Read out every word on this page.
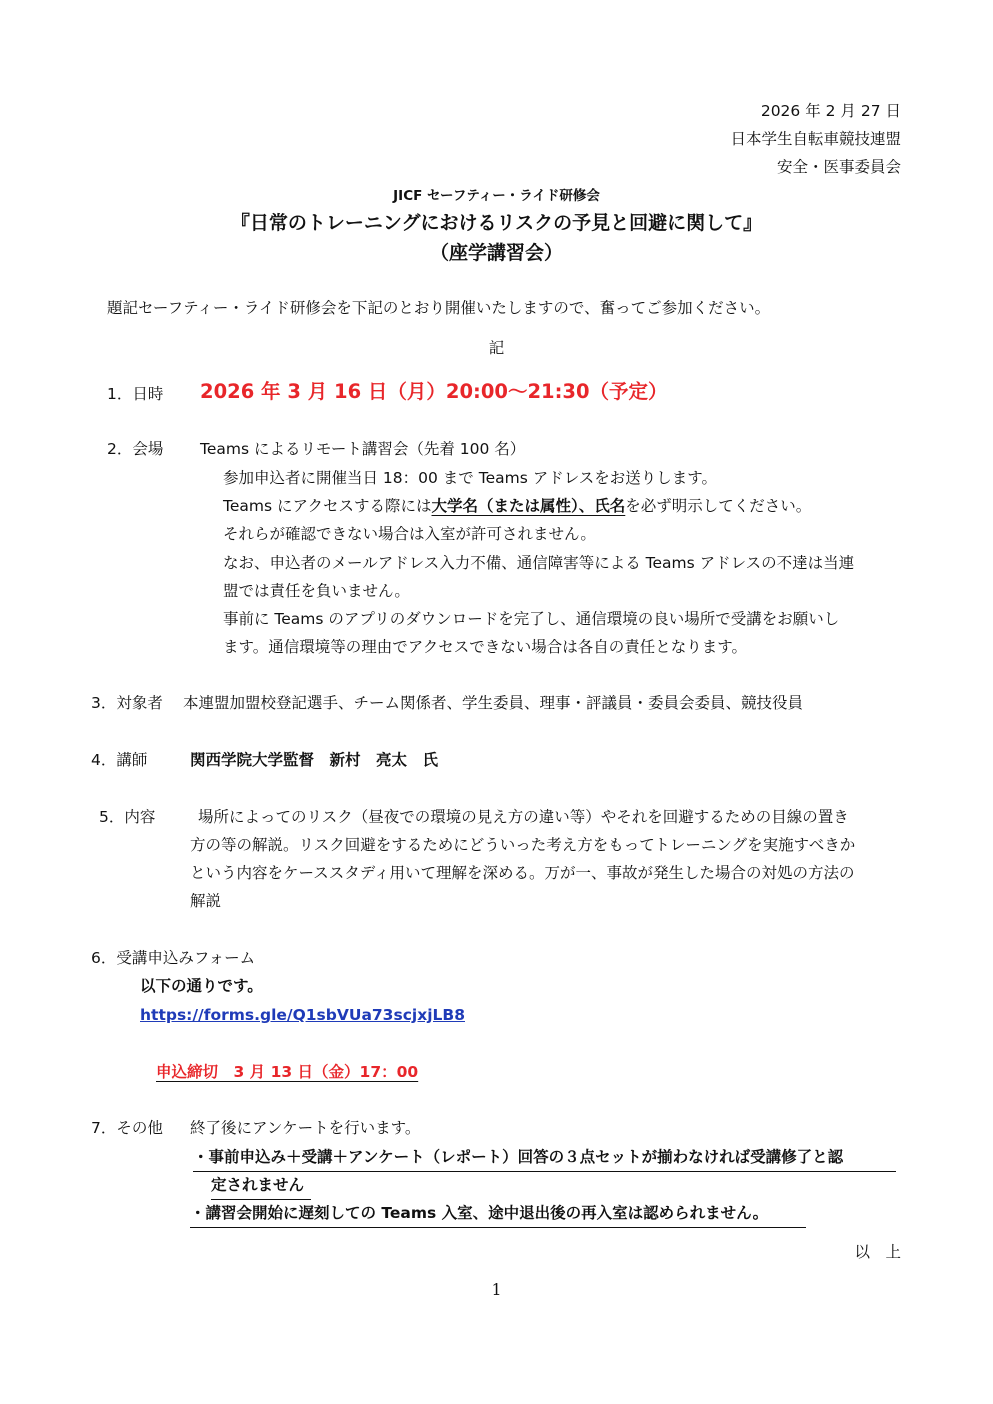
2026 年 2 月 27 日
日本学生自転車競技連盟
安全・医事委員会
JICF セーフティー・ライド研修会
『日常のトレーニングにおけるリスクの予見と回避に関して』
（座学講習会）
題記セーフティー・ライド研修会を下記のとおり開催いたしますので、奮ってご参加ください。
記
1．日時 2026 年 3 月 16 日（月）20:00～21:30（予定）
2．会場 Teams によるリモート講習会（先着 100 名）
参加申込者に開催当日 18：00 まで Teams アドレスをお送りします。
Teams にアクセスする際には大学名（または属性）、氏名を必ず明示してください。
それらが確認できない場合は入室が許可されません。
なお、申込者のメールアドレス入力不備、通信障害等による Teams アドレスの不達は当連
盟では責任を負いません。
事前に Teams のアプリのダウンロードを完了し、通信環境の良い場所で受講をお願いし
ます。通信環境等の理由でアクセスできない場合は各自の責任となります。
3．対象者 本連盟加盟校登記選手、チーム関係者、学生委員、理事・評議員・委員会委員、競技役員
4．講師	関西学院大学監督　新村　亮太　氏
5．内容	場所によってのリスク（昼夜での環境の見え方の違い等）やそれを回避するための目線の置き
方の等の解説。リスク回避をするためにどういった考え方をもってトレーニングを実施すべきか
という内容をケーススタディ用いて理解を深める。万が一、事故が発生した場合の対処の方法の
解説
6．受講申込みフォーム
以下の通りです。
https://forms.gle/Q1sbVUa73scjxjLB8
申込締切　3 月 13 日（金）17：00
7．その他 終了後にアンケートを行います。
・事前申込み＋受講＋アンケート（レポート）回答の３点セットが揃わなければ受講修了と認
定されません
・講習会開始に遅刻しての Teams 入室、途中退出後の再入室は認められません。
以　上
1
